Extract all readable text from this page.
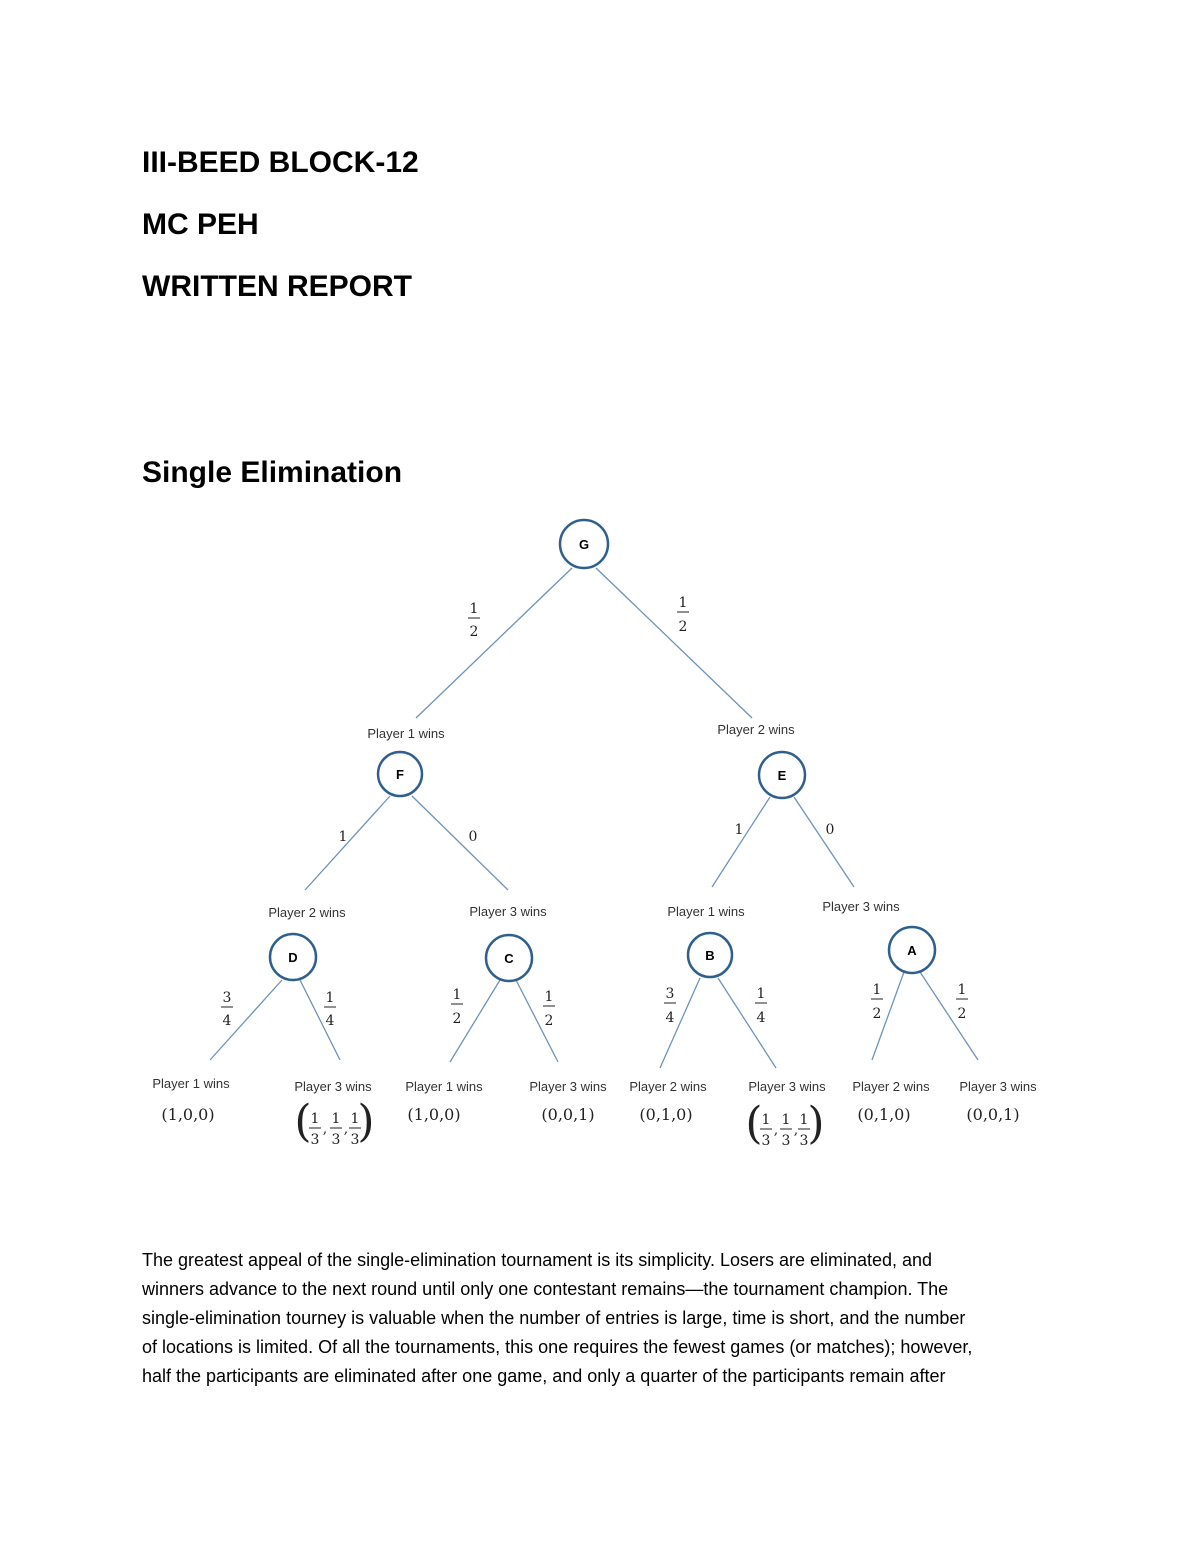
III-BEED BLOCK-12
MC PEH
WRITTEN REPORT
Single Elimination
G
F	E
D	C	B	A
Player 1 wins	Player 2 wins
Player 2 wins	Player 3 wins	Player 1 wins	Player 3 wins
1
2
1
2
1	0	1	0
3
4
1
4
1
2
1
2
3
4
1
4
1
2
1
2
Player 1 wins	Player 3 wins	Player 1 wins	Player 3 wins Player 2 wins	Player 3 wins Player 2 wins Player 3 wins
(1,0,0)	(1,0,0)	(0,0,1)	(0,1,0)	(0,1,0)	(0,0,1)
(
1
3
,
1
3
,
1
3
)	(
1
3
,
1
3
,
1
3
)

The greatest appeal of the single-elimination tournament is its simplicity. Losers are eliminated, and
winners advance to the next round until only one contestant remains—the tournament champion. The
single-elimination tourney is valuable when the number of entries is large, time is short, and the number
of locations is limited. Of all the tournaments, this one requires the fewest games (or matches); however,
half the participants are eliminated after one game, and only a quarter of the participants remain after
